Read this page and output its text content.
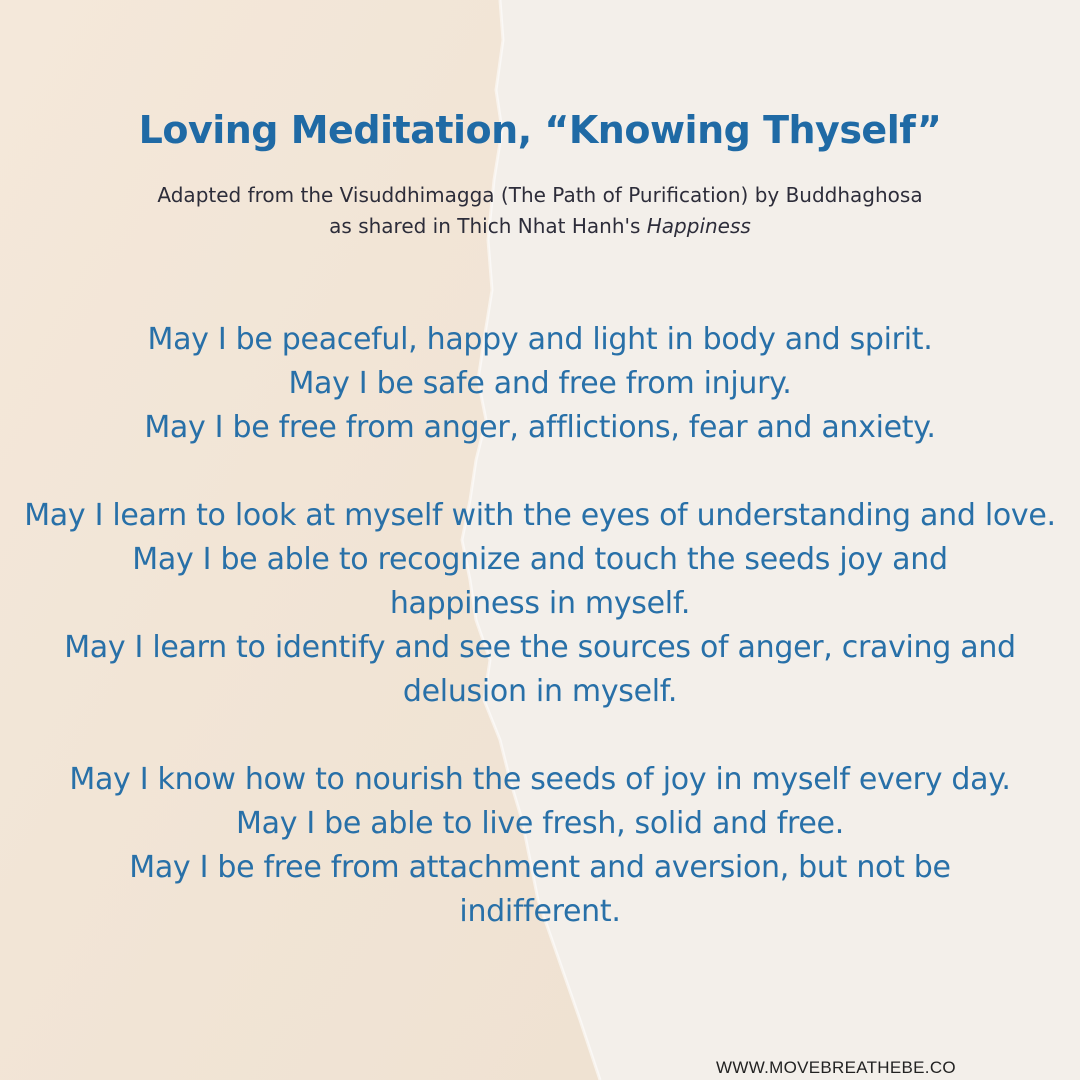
Loving Meditation, “Knowing Thyself”
Adapted from the Visuddhimagga (The Path of Purification) by Buddhaghosa
as shared in Thich Nhat Hanh's Happiness
May I be peaceful, happy and light in body and spirit.
May I be safe and free from injury.
May I be free from anger, afflictions, fear and anxiety.
May I learn to look at myself with the eyes of understanding and love.
May I be able to recognize and touch the seeds joy and
happiness in myself.
May I learn to identify and see the sources of anger, craving and
delusion in myself.
May I know how to nourish the seeds of joy in myself every day.
May I be able to live fresh, solid and free.
May I be free from attachment and aversion, but not be
indifferent.
WWW.MOVEBREATHEBE.CO
